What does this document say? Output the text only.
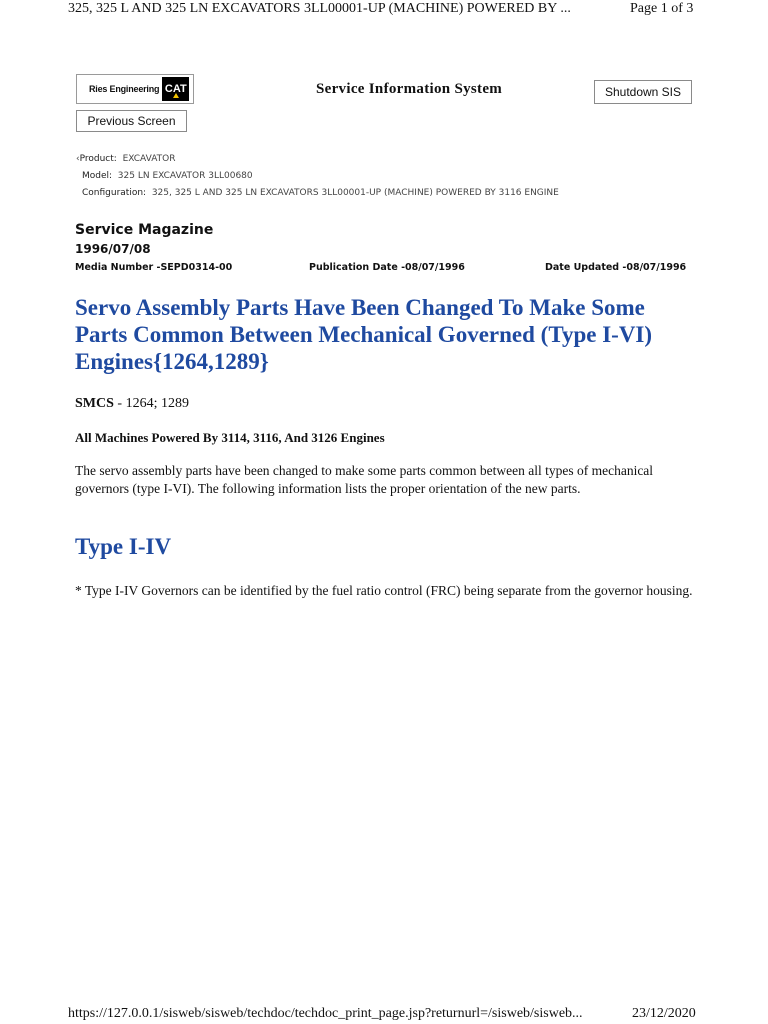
325, 325 L AND 325 LN EXCAVATORS 3LL00001-UP (MACHINE) POWERED BY ...	Page 1 of 3
Ries Engineering CAT	Service Information System	Shutdown SIS
Previous Screen
‹Product: EXCAVATOR
Model: 325 LN EXCAVATOR 3LL00680
Configuration: 325, 325 L AND 325 LN EXCAVATORS 3LL00001-UP (MACHINE) POWERED BY 3116 ENGINE
Service Magazine
1996/07/08
Media Number -SEPD0314-00	Publication Date -08/07/1996	Date Updated -08/07/1996
Servo Assembly Parts Have Been Changed To Make Some Parts Common Between Mechanical Governed (Type I-VI) Engines{1264,1289}
SMCS - 1264; 1289
All Machines Powered By 3114, 3116, And 3126 Engines
The servo assembly parts have been changed to make some parts common between all types of mechanical governors (type I-VI). The following information lists the proper orientation of the new parts.
Type I-IV
* Type I-IV Governors can be identified by the fuel ratio control (FRC) being separate from the governor housing.
https://127.0.0.1/sisweb/sisweb/techdoc/techdoc_print_page.jsp?returnurl=/sisweb/sisweb...	23/12/2020
